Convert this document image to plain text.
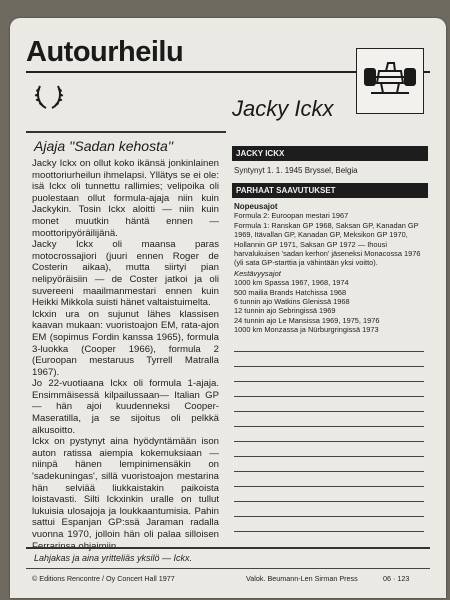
Autourheilu
Jacky Ickx
Ajaja ''Sadan kehosta''

Jacky Ickx on ollut koko ikänsä jonkinlainen moottoriurheilun ihmelapsi. Yllätys se ei ole: isä Ickx oli tunnettu rallimies; velipoika oli puolestaan ollut formula-ajaja niin kuin Jackykin. Tosin Ickx aloitti — niin kuin monet muutkin häntä ennen — moottoripyöräilijänä.

Jacky Ickx oli maansa paras motocrossajiori (juuri ennen Roger de Costerin aikaa), mutta siirtyi pian nelipyöräisiin — de Coster jatkoi ja oli suvereeni maailmanmestari ennen kuin Heikki Mikkola suisti hänet valtaistuimelta.

Ickxin ura on sujunut lähes klassisen kaavan mukaan: vuoristoajon EM, rata-ajon EM (sopimus Fordin kanssa 1965), formula 3-luokka (Cooper 1966), formula 2 (Euroopan mestaruus Tyrrell Matralla 1967).

Jo 22-vuotiaana Ickx oli formula 1-ajaja. Ensimmäisessä kilpailussaan— Italian GP — hän ajoi kuudenneksi Cooper-Maseratilla, ja se sijoitus oli pelkkä alkusoitto.

Ickx on pystynyt aina hyödyntämään ison auton ratissa aiempia kokemuksiaan — niinpä hänen lempinimensäkin on 'sadekuningas', sillä vuoristoajon mestarina hän selviää liukkaistakin paikoista loistavasti. Silti Ickxinkin uralle on tullut lukuisia ulosajoja ja loukkaantumisia. Pahin sattui Espanjan GP:ssä Jaraman radalla vuonna 1970, jolloin hän oli palaa silloisen

JACKY ICKX
Syntynyt 1. 1. 1945 Bryssel, Belgia
PARHAAT SAAVUTUKSET
Nopeusajot
Formula 2: Euroopan mestari 1967
Formula 1: Ranskan GP 1968, Saksan GP, Kanadan GP 1969, Itävallan GP, Kanadan GP, Meksikon GP 1970, Hollannin GP 1971, Saksan GP 1972 — Ihousi harvalukuisen 'sadan kerhon' jäseneksi Monacossa 1976 (yli sata GP-starttia ja vähintään yksi voitto).
Kestävyysajot
1000 km Spassa 1967, 1968, 1974
500 mailia Brands Hatchissa 1968
6 tunnin ajo Watkins Glenissä 1968
12 tunnin ajo Sebringissä 1969
24 tunnin ajo Le Mansissa 1969, 1975, 1976
1000 km Monzassa ja Nürburgringissä 1973
Lahjakas ja aina yritteliäs yksilö — Ickx.
© Editions Rencontre / Oy Concert Hall 1977	Valok. Beumann-Len Sirman Press	06 · 123
